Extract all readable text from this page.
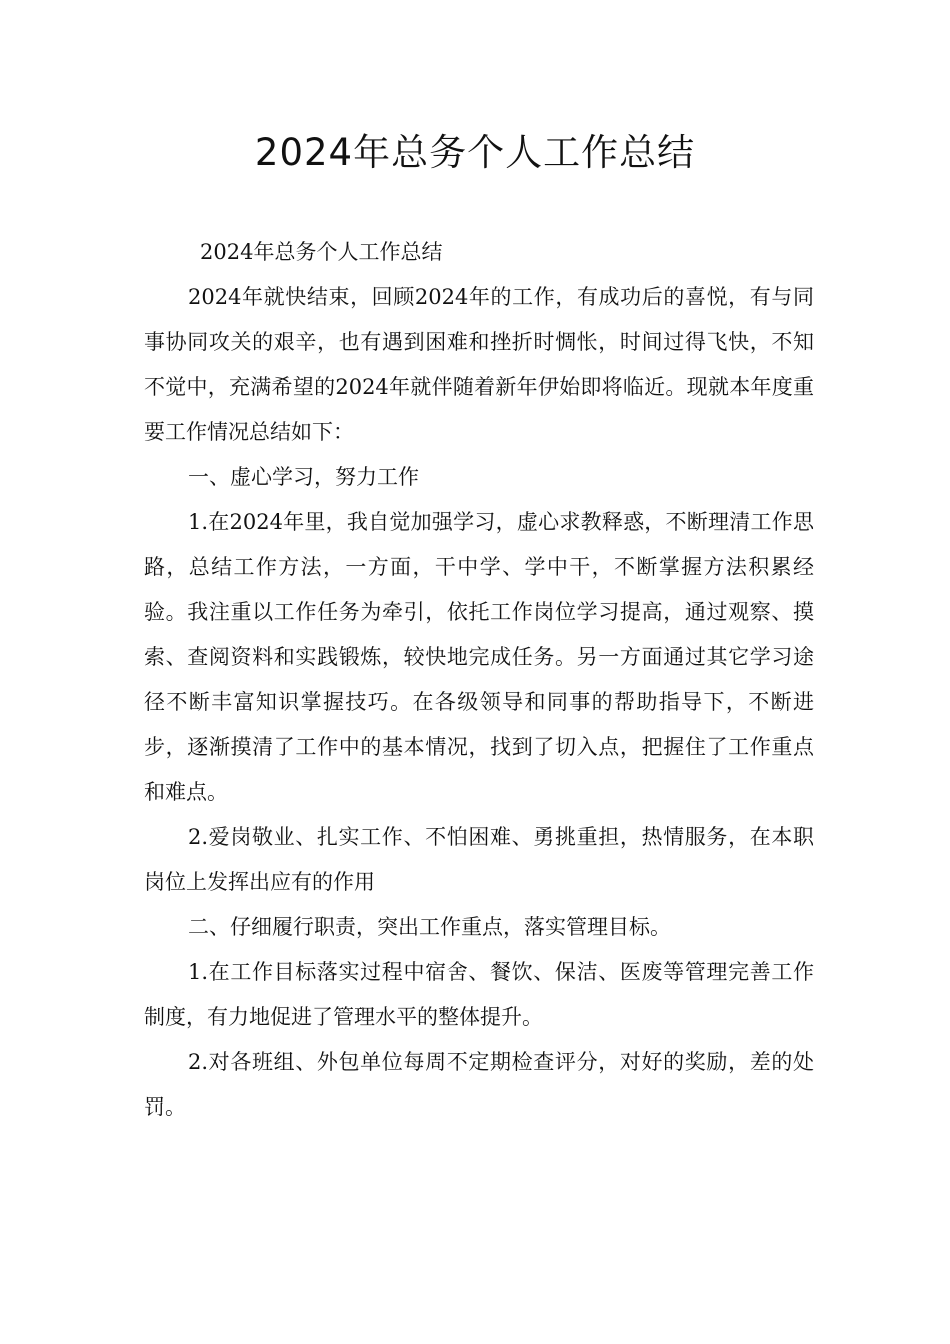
2024年总务个人工作总结

2024年总务个人工作总结

2024年就快结束，回顾2024年的工作，有成功后的喜悦，有与同事协同攻关的艰辛，也有遇到困难和挫折时惆怅，时间过得飞快，不知不觉中，充满希望的2024年就伴随着新年伊始即将临近。现就本年度重要工作情况总结如下：

一、虚心学习，努力工作

1.在2024年里，我自觉加强学习，虚心求教释惑，不断理清工作思路，总结工作方法，一方面，干中学、学中干，不断掌握方法积累经验。我注重以工作任务为牵引，依托工作岗位学习提高，通过观察、摸索、查阅资料和实践锻炼，较快地完成任务。另一方面通过其它学习途径不断丰富知识掌握技巧。在各级领导和同事的帮助指导下，不断进步，逐渐摸清了工作中的基本情况，找到了切入点，把握住了工作重点和难点。

2.爱岗敬业、扎实工作、不怕困难、勇挑重担，热情服务，在本职岗位上发挥出应有的作用

二、仔细履行职责，突出工作重点，落实管理目标。

1.在工作目标落实过程中宿舍、餐饮、保洁、医废等管理完善工作制度，有力地促进了管理水平的整体提升。

2.对各班组、外包单位每周不定期检查评分，对好的奖励，差的处罚。
